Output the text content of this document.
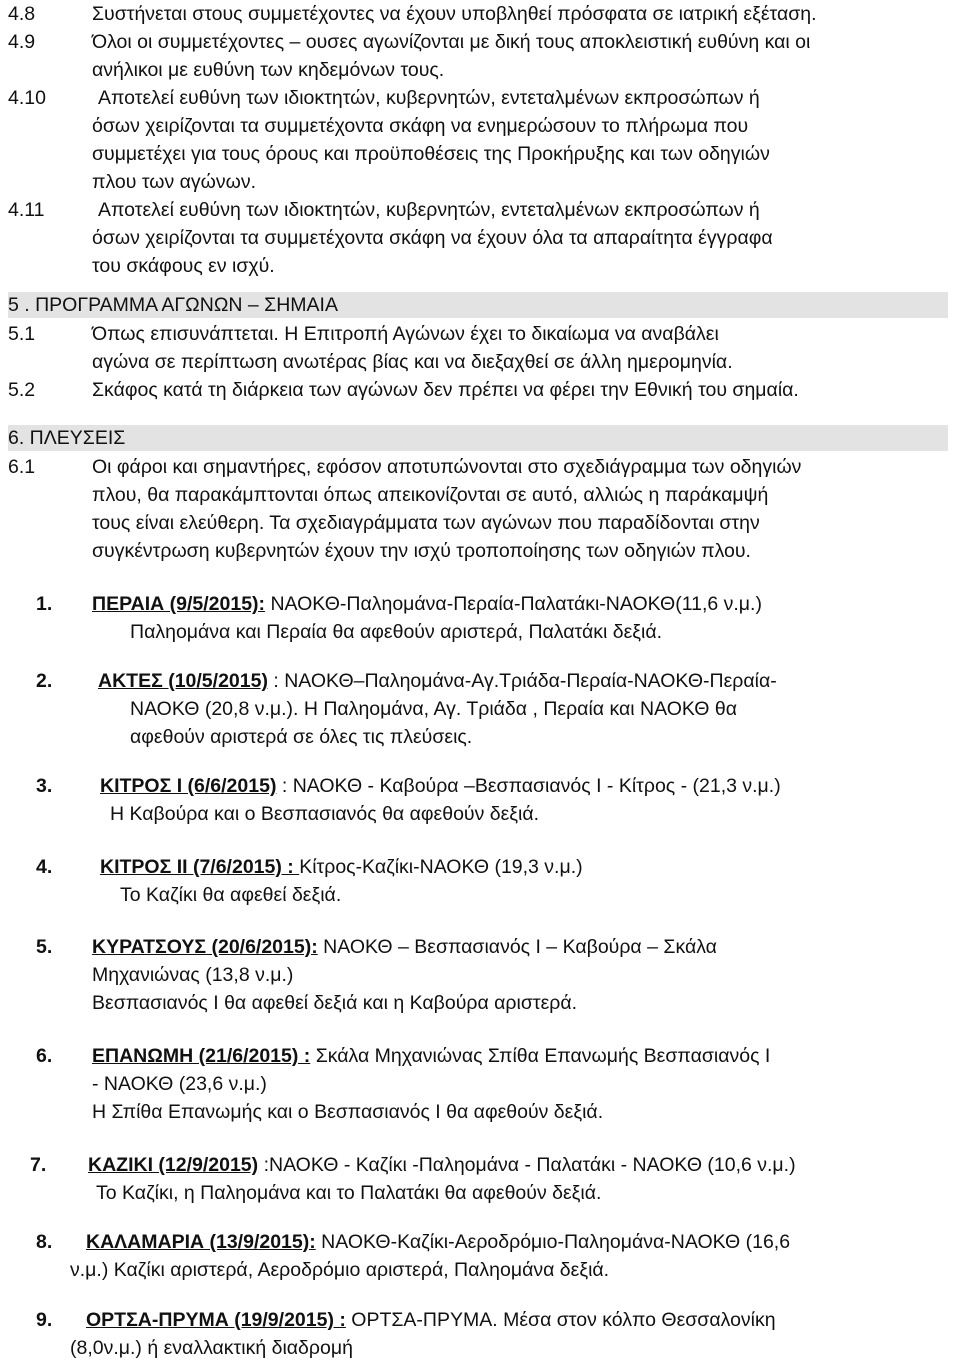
4.8	Συστήνεται στους συμμετέχοντες να έχουν υποβληθεί πρόσφατα σε ιατρική εξέταση.
4.9	Όλοι οι συμμετέχοντες – ουσες αγωνίζονται με δική τους αποκλειστική ευθύνη και οι
ανήλικοι με ευθύνη των κηδεμόνων τους.
4.10	Αποτελεί ευθύνη των ιδιοκτητών, κυβερνητών, εντεταλμένων εκπροσώπων ή
όσων χειρίζονται τα συμμετέχοντα σκάφη να ενημερώσουν το πλήρωμα που
συμμετέχει για τους όρους και προϋποθέσεις της Προκήρυξης και των οδηγιών
πλου των αγώνων.
4.11	Αποτελεί ευθύνη των ιδιοκτητών, κυβερνητών, εντεταλμένων εκπροσώπων ή
όσων χειρίζονται τα συμμετέχοντα σκάφη να έχουν όλα τα απαραίτητα έγγραφα
του σκάφους εν ισχύ.
5 . ΠΡΟΓΡΑΜΜΑ ΑΓΩΝΩΝ – ΣΗΜΑΙΑ
5.1	Όπως επισυνάπτεται. Η Επιτροπή Αγώνων έχει το δικαίωμα να αναβάλει
αγώνα σε περίπτωση ανωτέρας βίας και να διεξαχθεί σε άλλη ημερομηνία.
5.2	Σκάφος κατά τη διάρκεια των αγώνων δεν πρέπει να φέρει την Εθνική του σημαία.
6. ΠΛΕΥΣΕΙΣ
6.1	Οι φάροι και σημαντήρες, εφόσον αποτυπώνονται στο σχεδιάγραμμα των οδηγιών
πλου, θα παρακάμπτονται όπως απεικονίζονται σε αυτό, αλλιώς η παράκαμψή
τους είναι ελεύθερη. Τα σχεδιαγράμματα των αγώνων που παραδίδονται στην
συγκέντρωση κυβερνητών έχουν την ισχύ τροποποίησης των οδηγιών πλου.
1. ΠΕΡΑΙΑ (9/5/2015): ΝΑΟΚΘ-Παληομάνα-Περαία-Παλατάκι-ΝΑΟΚΘ(11,6 ν.μ.)
Παληομάνα και Περαία θα αφεθούν αριστερά, Παλατάκι δεξιά.
2. ΑΚΤΕΣ (10/5/2015) : ΝΑΟΚΘ–Παληομάνα-Αγ.Τριάδα-Περαία-ΝΑΟΚΘ-Περαία-
ΝΑΟΚΘ (20,8 ν.μ.). Η Παληομάνα, Αγ. Τριάδα , Περαία και ΝΑΟΚΘ θα
αφεθούν αριστερά σε όλες τις πλεύσεις.
3. ΚΙΤΡΟΣ Ι (6/6/2015) : ΝΑΟΚΘ - Καβούρα –Βεσπασιανός Ι - Κίτρος - (21,3 ν.μ.)
Η Καβούρα και ο Βεσπασιανός θα αφεθούν δεξιά.
4. ΚΙΤΡΟΣ ΙΙ (7/6/2015) : Κίτρος-Καζίκι-ΝΑΟΚΘ (19,3 ν.μ.)
Το Καζίκι θα αφεθεί δεξιά.
5. ΚΥΡΑΤΣΟΥΣ (20/6/2015): ΝΑΟΚΘ – Βεσπασιανός Ι – Καβούρα – Σκάλα
Μηχανιώνας (13,8 ν.μ.)
Βεσπασιανός Ι θα αφεθεί δεξιά και η Καβούρα αριστερά.
6. ΕΠΑΝΩΜΗ (21/6/2015) : Σκάλα Μηχανιώνας Σπίθα Επανωμής Βεσπασιανός Ι
- ΝΑΟΚΘ (23,6 ν.μ.)
Η Σπίθα Επανωμής και ο Βεσπασιανός Ι θα αφεθούν δεξιά.
7. ΚΑΖΙΚΙ (12/9/2015) :ΝΑΟΚΘ - Καζίκι -Παληομάνα - Παλατάκι - ΝΑΟΚΘ (10,6 ν.μ.)
Το Καζίκι, η Παληομάνα και το Παλατάκι θα αφεθούν δεξιά.
8. ΚΑΛΑΜΑΡΙΑ (13/9/2015): ΝΑΟΚΘ-Καζίκι-Αεροδρόμιο-Παληομάνα-ΝΑΟΚΘ (16,6
ν.μ.) Καζίκι αριστερά, Αεροδρόμιο αριστερά, Παληομάνα δεξιά.
9. ΟΡΤΣΑ-ΠΡΥΜΑ (19/9/2015) : ΟΡΤΣΑ-ΠΡΥΜΑ. Μέσα στον κόλπο Θεσσαλονίκη
(8,0ν.μ.) ή εναλλακτική διαδρομή
